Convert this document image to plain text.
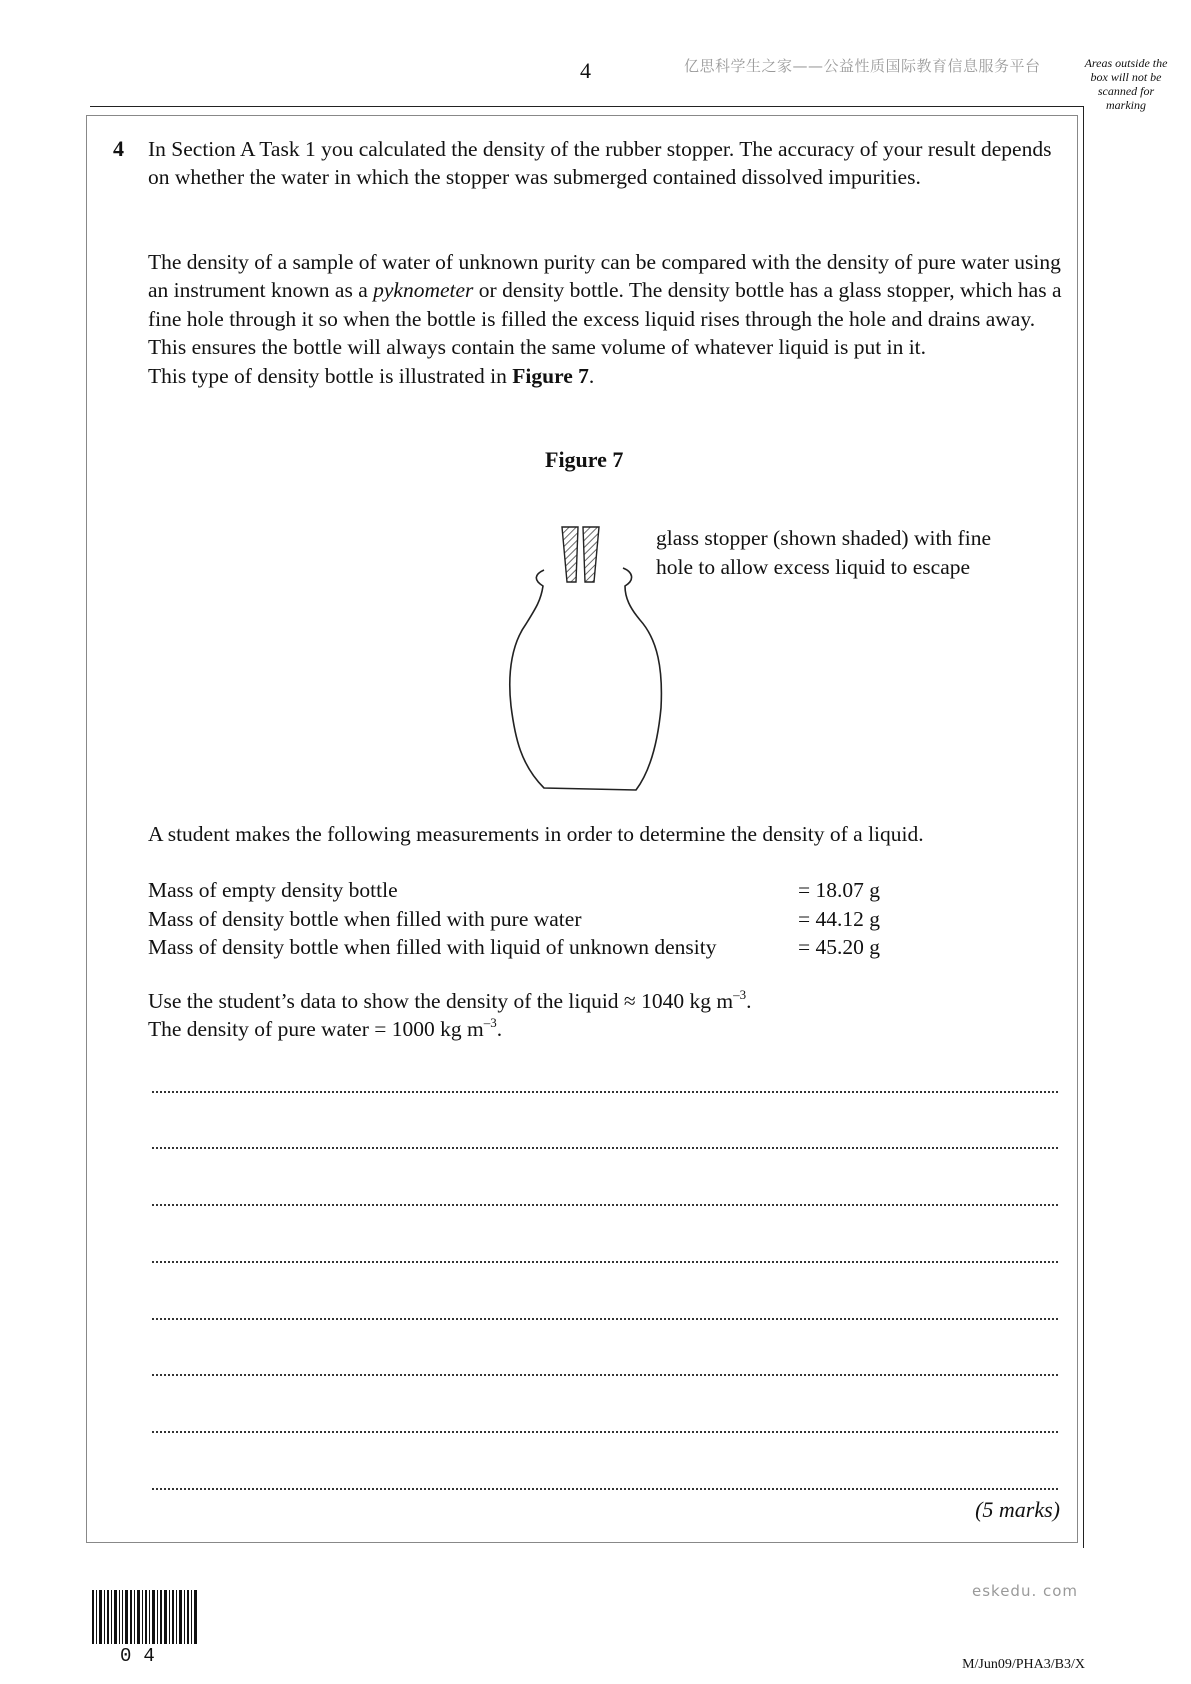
4	亿思科学生之家——公益性质国际教育信息服务平台	Areas outside the box will not be scanned for marking
4 In Section A Task 1 you calculated the density of the rubber stopper. The accuracy of your result depends on whether the water in which the stopper was submerged contained dissolved impurities.
The density of a sample of water of unknown purity can be compared with the density of pure water using an instrument known as a pyknometer or density bottle. The density bottle has a glass stopper, which has a fine hole through it so when the bottle is filled the excess liquid rises through the hole and drains away. This ensures the bottle will always contain the same volume of whatever liquid is put in it.
This type of density bottle is illustrated in Figure 7.
Figure 7
glass stopper (shown shaded) with fine hole to allow excess liquid to escape
A student makes the following measurements in order to determine the density of a liquid.
Mass of empty density bottle	= 18.07 g
Mass of density bottle when filled with pure water	= 44.12 g
Mass of density bottle when filled with liquid of unknown density	= 45.20 g
Use the student’s data to show the density of the liquid ≈ 1040 kg $m^{-3}$.
The density of pure water = 1000 kg $m^{-3}$.
(5 marks)
eskedu. com
04	M/Jun09/PHA3/B3/X
